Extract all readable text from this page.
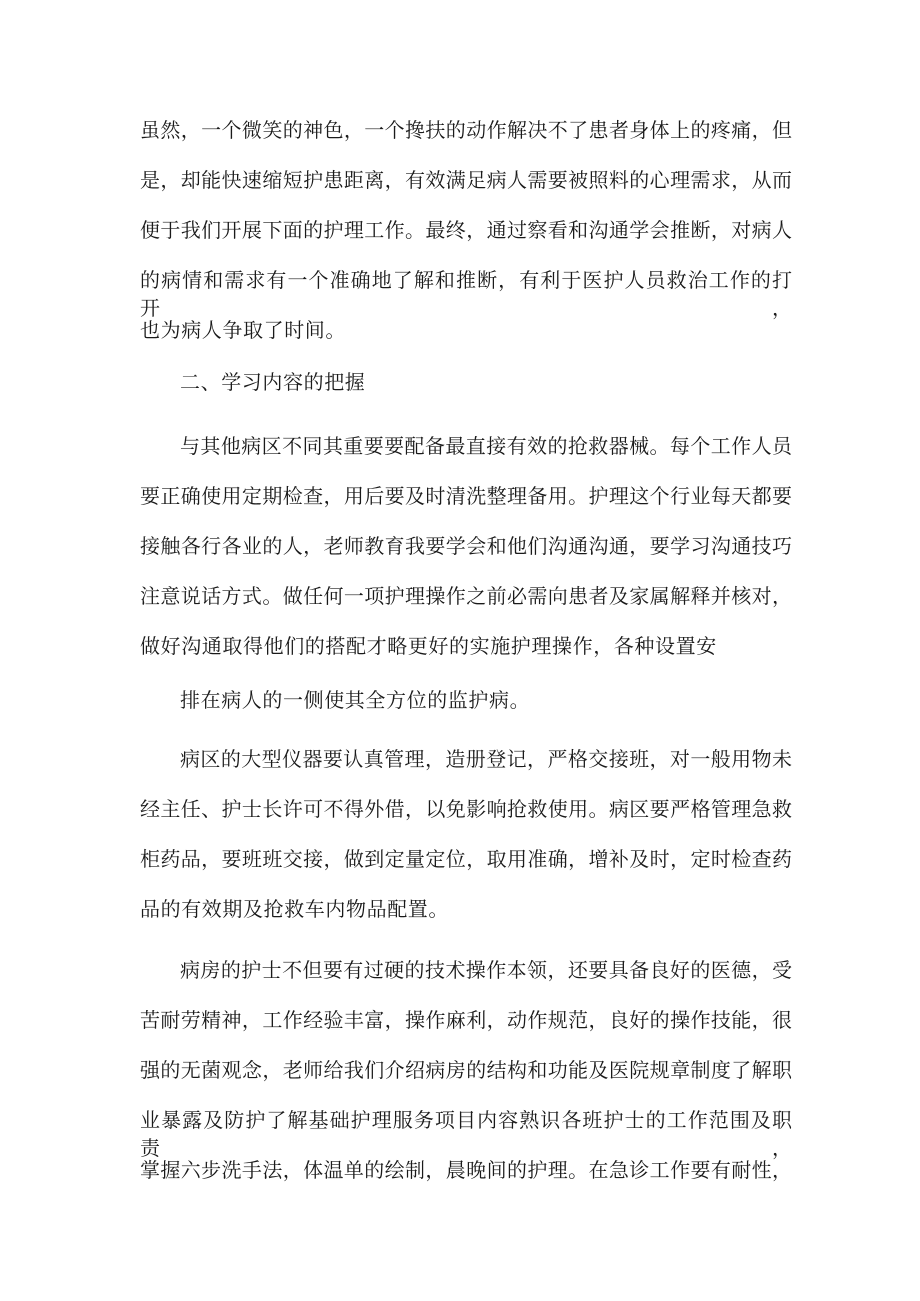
虽然，一个微笑的神色，一个搀扶的动作解决不了患者身体上的疼痛，但
是，却能快速缩短护患距离，有效满足病人需要被照料的心理需求，从而
便于我们开展下面的护理工作。最终，通过察看和沟通学会推断，对病人
的病情和需求有一个准确地了解和推断，有利于医护人员救治工作的打开，
也为病人争取了时间。
二、学习内容的把握
与其他病区不同其重要要配备最直接有效的抢救器械。每个工作人员
要正确使用定期检查，用后要及时清洗整理备用。护理这个行业每天都要
接触各行各业的人，老师教育我要学会和他们沟通沟通，要学习沟通技巧
注意说话方式。做任何一项护理操作之前必需向患者及家属解释并核对，
做好沟通取得他们的搭配才略更好的实施护理操作，各种设置安
排在病人的一侧使其全方位的监护病。
病区的大型仪器要认真管理，造册登记，严格交接班，对一般用物未
经主任、护士长许可不得外借，以免影响抢救使用。病区要严格管理急救
柜药品，要班班交接，做到定量定位，取用准确，增补及时，定时检查药
品的有效期及抢救车内物品配置。
病房的护士不但要有过硬的技术操作本领，还要具备良好的医德，受
苦耐劳精神，工作经验丰富，操作麻利，动作规范，良好的操作技能，很
强的无菌观念，老师给我们介绍病房的结构和功能及医院规章制度了解职
业暴露及防护了解基础护理服务项目内容熟识各班护士的工作范围及职责，
掌握六步洗手法，体温单的绘制，晨晚间的护理。在急诊工作要有耐性，
